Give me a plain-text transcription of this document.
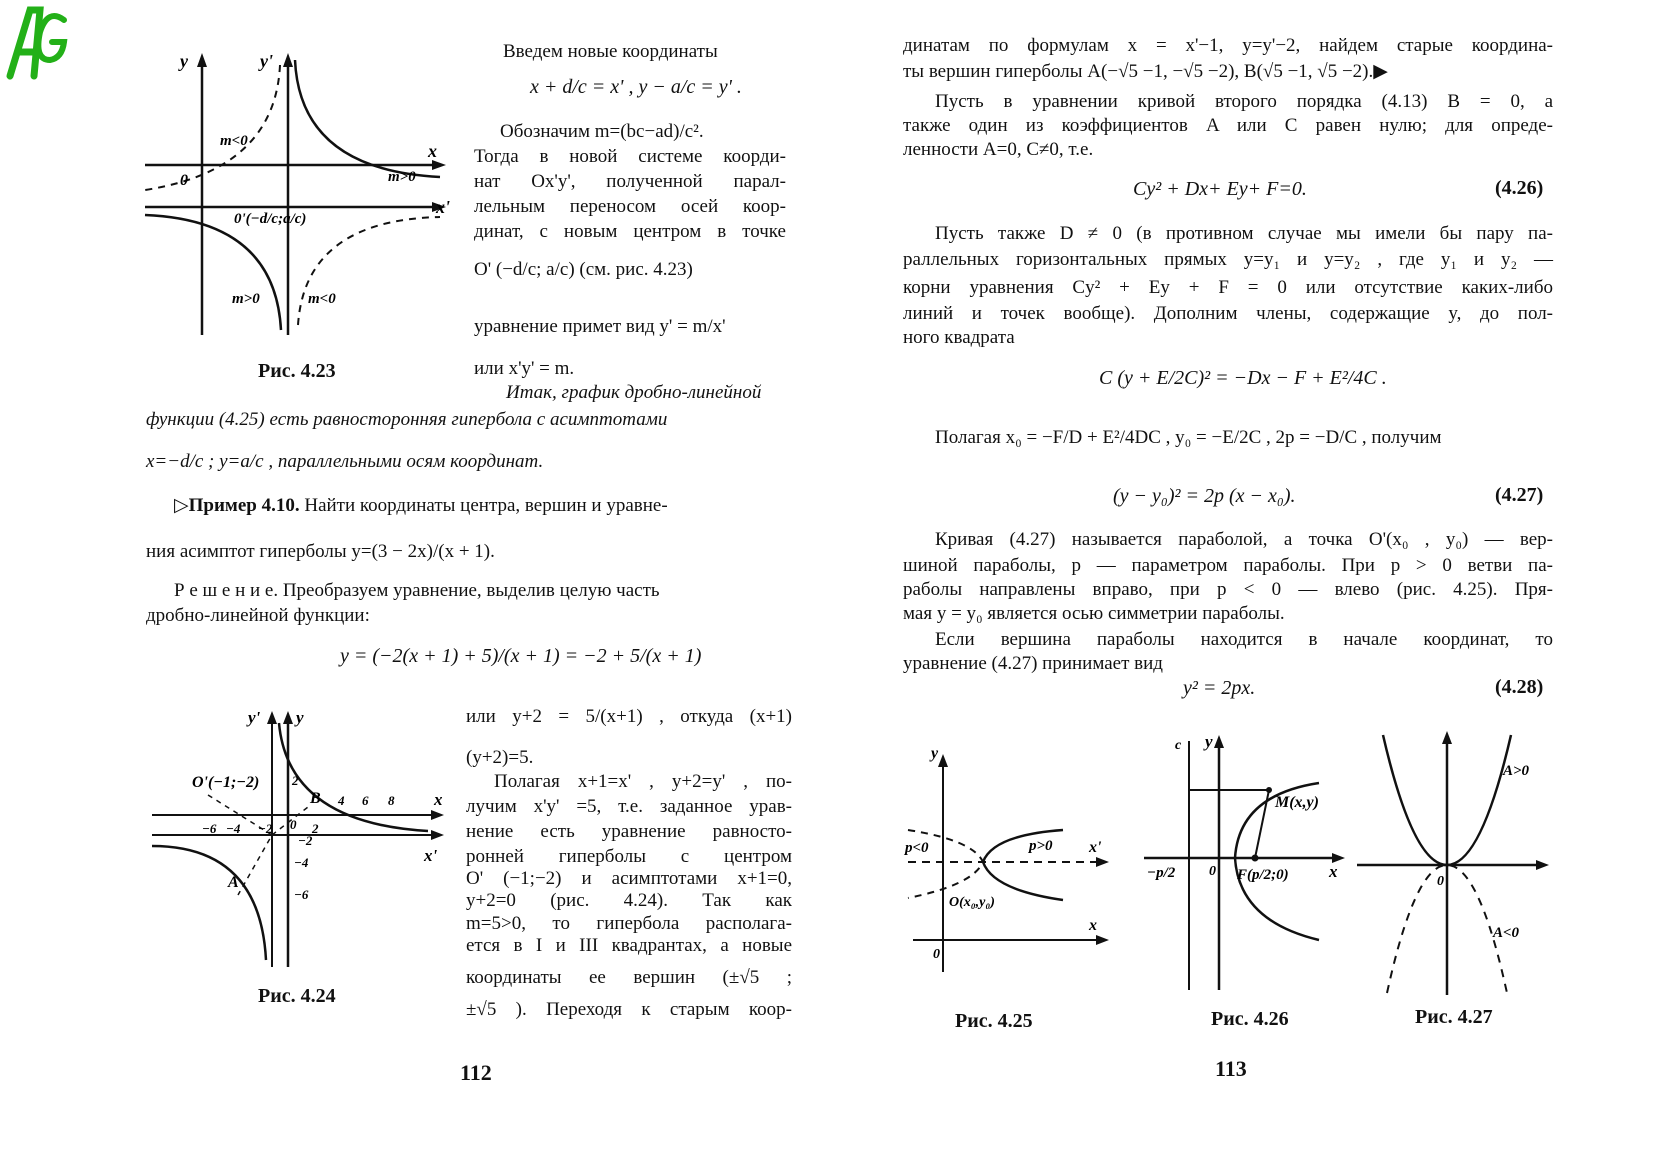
y	y'
x
x'
0
m<0
m>0
m>0	m<0
0'(−d/c;a/c)
Рис. 4.23
Введем новые координаты
x + d/c = x' , y − a/c = y' .
Обозначим m=(bc−ad)/c².
Тогда в новой системе коорди-
нат Ox'y', полученной парал-
лельным переносом осей коор-
динат, с новым центром в точке
O' (−d/c; a/c) (см. рис. 4.23)
уравнение примет вид y' = m/x'
или x'y' = m.
Итак, график дробно-линейной
функции (4.25) есть равносторонняя гипербола с асимптотами
x=−d/c ; y=a/c , параллельными осям координат.
▷Пример 4.10. Найти координаты центра, вершин и уравне-
ния асимптот гиперболы y=(3 − 2x)/(x + 1).
Р е ш е н и е. Преобразуем уравнение, выделив целую часть
дробно-линейной функции:
y = (−2(x + 1) + 5)/(x + 1) = −2 + 5/(x + 1)
y' y
x
x'
O'(−1;−2)
B
A
−6 −4 −2 0 2
4 6 8
2
−2
−4
−6
Рис. 4.24
или y+2 = 5/(x+1) , откуда (x+1)
(y+2)=5.
Полагая x+1=x' , y+2=y' , по-
лучим x'y' =5, т.е. заданное урав-
нение есть уравнение равносто-
ронней гиперболы с центром
O' (−1;−2) и асимптотами x+1=0,
y+2=0 (рис. 4.24). Так как
m=5>0, то гипербола располага-
ется в I и III квадрантах, а новые
координаты ее вершин (±√5 ;
±√5 ). Переходя к старым коор-
112
динатам по формулам x = x'−1, y=y'−2, найдем старые координа-
ты вершин гиперболы A(−√5 −1, −√5 −2), B(√5 −1, √5 −2).▶
Пусть в уравнении кривой второго порядка (4.13) B = 0, а
также один из коэффициентов A или C равен нулю; для опреде-
ленности A=0, C≠0, т.е.
Cy² + Dx+ Ey+ F=0.	(4.26)
Пусть также D ≠ 0 (в противном случае мы имели бы пару па-
раллельных горизонтальных прямых y=y₁ и y=y₂ , где y₁ и y₂ —
корни уравнения Cy² + Ey + F = 0 или отсутствие каких-либо
линий и точек вообще). Дополним члены, содержащие y, до пол-
ного квадрата
C (y + E/2C)² = −Dx − F + E²/4C .
Полагая x₀ = −F/D + E²/4DC , y₀ = −E/2C , 2p = −D/C , получим
(y − y₀)² = 2p (x − x₀).	(4.27)
Кривая (4.27) называется параболой, а точка O'(x₀ , y₀) — вер-
шиной параболы, p — параметром параболы. При p > 0 ветви па-
раболы направлены вправо, при p < 0 — влево (рис. 4.25). Пря-
мая y = y₀ является осью симметрии параболы.
Если вершина параболы находится в начале координат, то
уравнение (4.27) принимает вид
y² = 2px.	(4.28)
y
x
x'
p<0	p>0
O(x₀,y₀)
0
Рис. 4.25
c y
x
M(x,y)
F(p/2;0)
−p/2 0
Рис. 4.26
A>0
A<0
0
Рис. 4.27
113
AG
